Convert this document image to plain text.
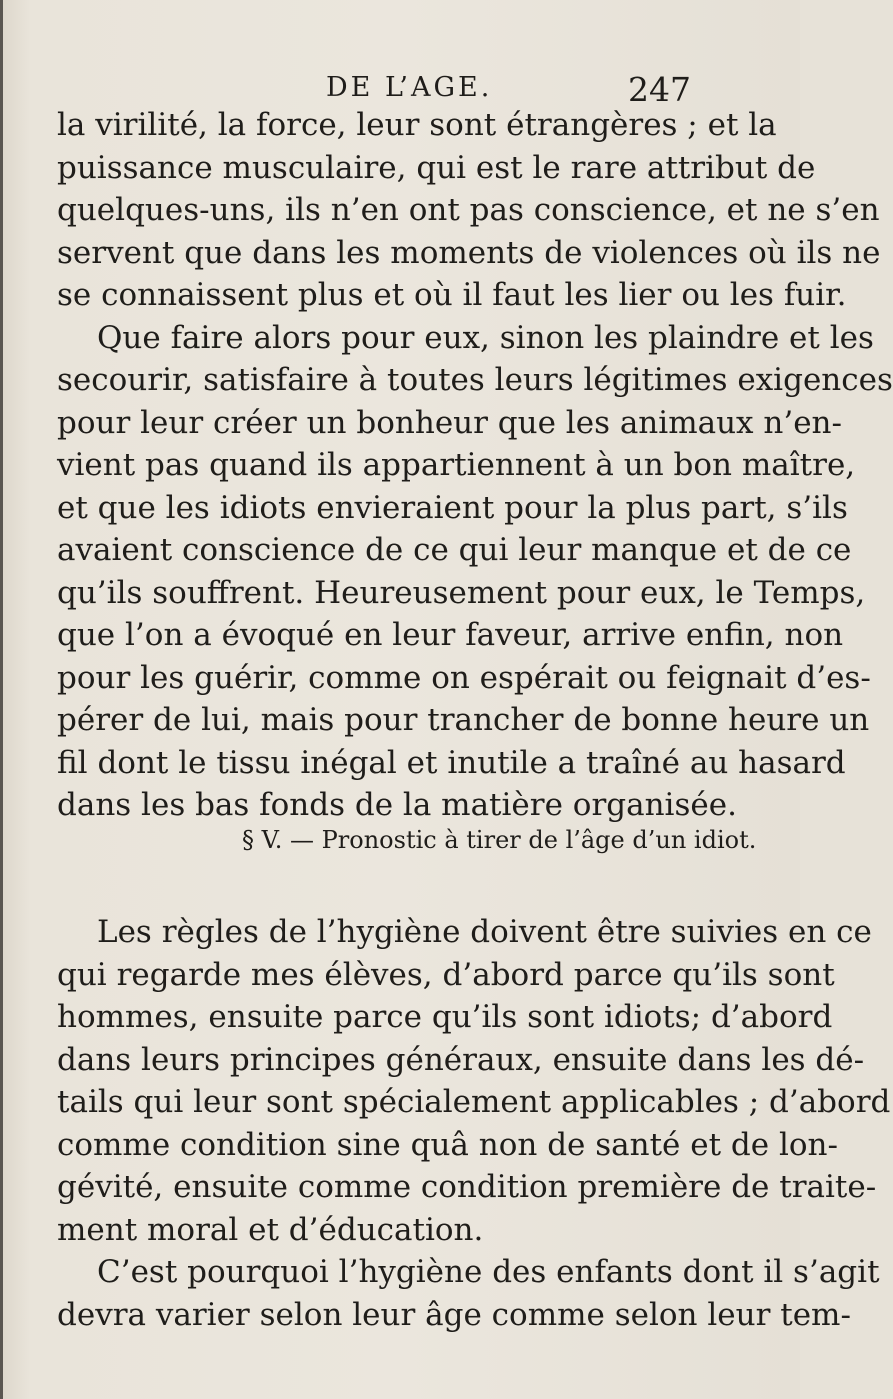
DE L’AGE.	247
la virilité, la force, leur sont étrangères ; et la
puissance musculaire, qui est le rare attribut de
quelques-uns, ils n’en ont pas conscience, et ne s’en
servent que dans les moments de violences où ils ne
se connaissent plus et où il faut les lier ou les fuir.
Que faire alors pour eux, sinon les plaindre et les
secourir, satisfaire à toutes leurs légitimes exigences
pour leur créer un bonheur que les animaux n’en-
vient pas quand ils appartiennent à un bon maître,
et que les idiots envieraient pour la plus part, s’ils
avaient conscience de ce qui leur manque et de ce
qu’ils souffrent. Heureusement pour eux, le Temps,
que l’on a évoqué en leur faveur, arrive enfin, non
pour les guérir, comme on espérait ou feignait d’es-
pérer de lui, mais pour trancher de bonne heure un
fil dont le tissu inégal et inutile a traîné au hasard
dans les bas fonds de la matière organisée.
§ V. — Pronostic à tirer de l’âge d’un idiot.
Les règles de l’hygiène doivent être suivies en ce
qui regarde mes élèves, d’abord parce qu’ils sont
hommes, ensuite parce qu’ils sont idiots; d’abord
dans leurs principes généraux, ensuite dans les dé-
tails qui leur sont spécialement applicables ; d’abord
comme condition sine quâ non de santé et de lon-
gévité, ensuite comme condition première de traite-
ment moral et d’éducation.
C’est pourquoi l’hygiène des enfants dont il s’agit
devra varier selon leur âge comme selon leur tem-
